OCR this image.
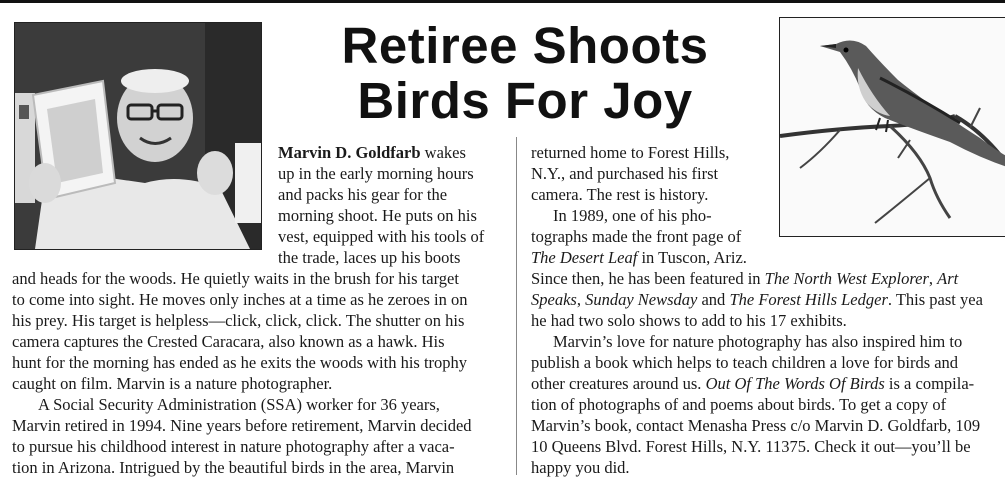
Retiree Shoots
Birds For Joy

Marvin D. Goldfarb wakes

up in the early morning hours

and packs his gear for the

morning shoot. He puts on his

vest, equipped with his tools of

the trade, laces up his boots

and heads for the woods. He quietly waits in the brush for his target

to come into sight. He moves only inches at a time as he zeroes in on

his prey. His target is helpless—click, click, click. The shutter on his

camera captures the Crested Caracara, also known as a hawk. His

hunt for the morning has ended as he exits the woods with his trophy

caught on film. Marvin is a nature photographer.

A Social Security Administration (SSA) worker for 36 years,

Marvin retired in 1994. Nine years before retirement, Marvin decided

to pursue his childhood interest in nature photography after a vaca-

tion in Arizona. Intrigued by the beautiful birds in the area, Marvin

returned home to Forest Hills,

N.Y., and purchased his first

camera. The rest is history.

In 1989, one of his pho-

tographs made the front page of

The Desert Leaf in Tuscon, Ariz.

Since then, he has been featured in The North West Explorer, Art

Speaks, Sunday Newsday and The Forest Hills Ledger. This past yea

he had two solo shows to add to his 17 exhibits.

Marvin’s love for nature photography has also inspired him to

publish a book which helps to teach children a love for birds and

other creatures around us. Out Of The Words Of Birds is a compila-

tion of photographs of and poems about birds. To get a copy of

Marvin’s book, contact Menasha Press c/o Marvin D. Goldfarb, 109

10 Queens Blvd. Forest Hills, N.Y. 11375. Check it out—you’ll be

happy you did.
